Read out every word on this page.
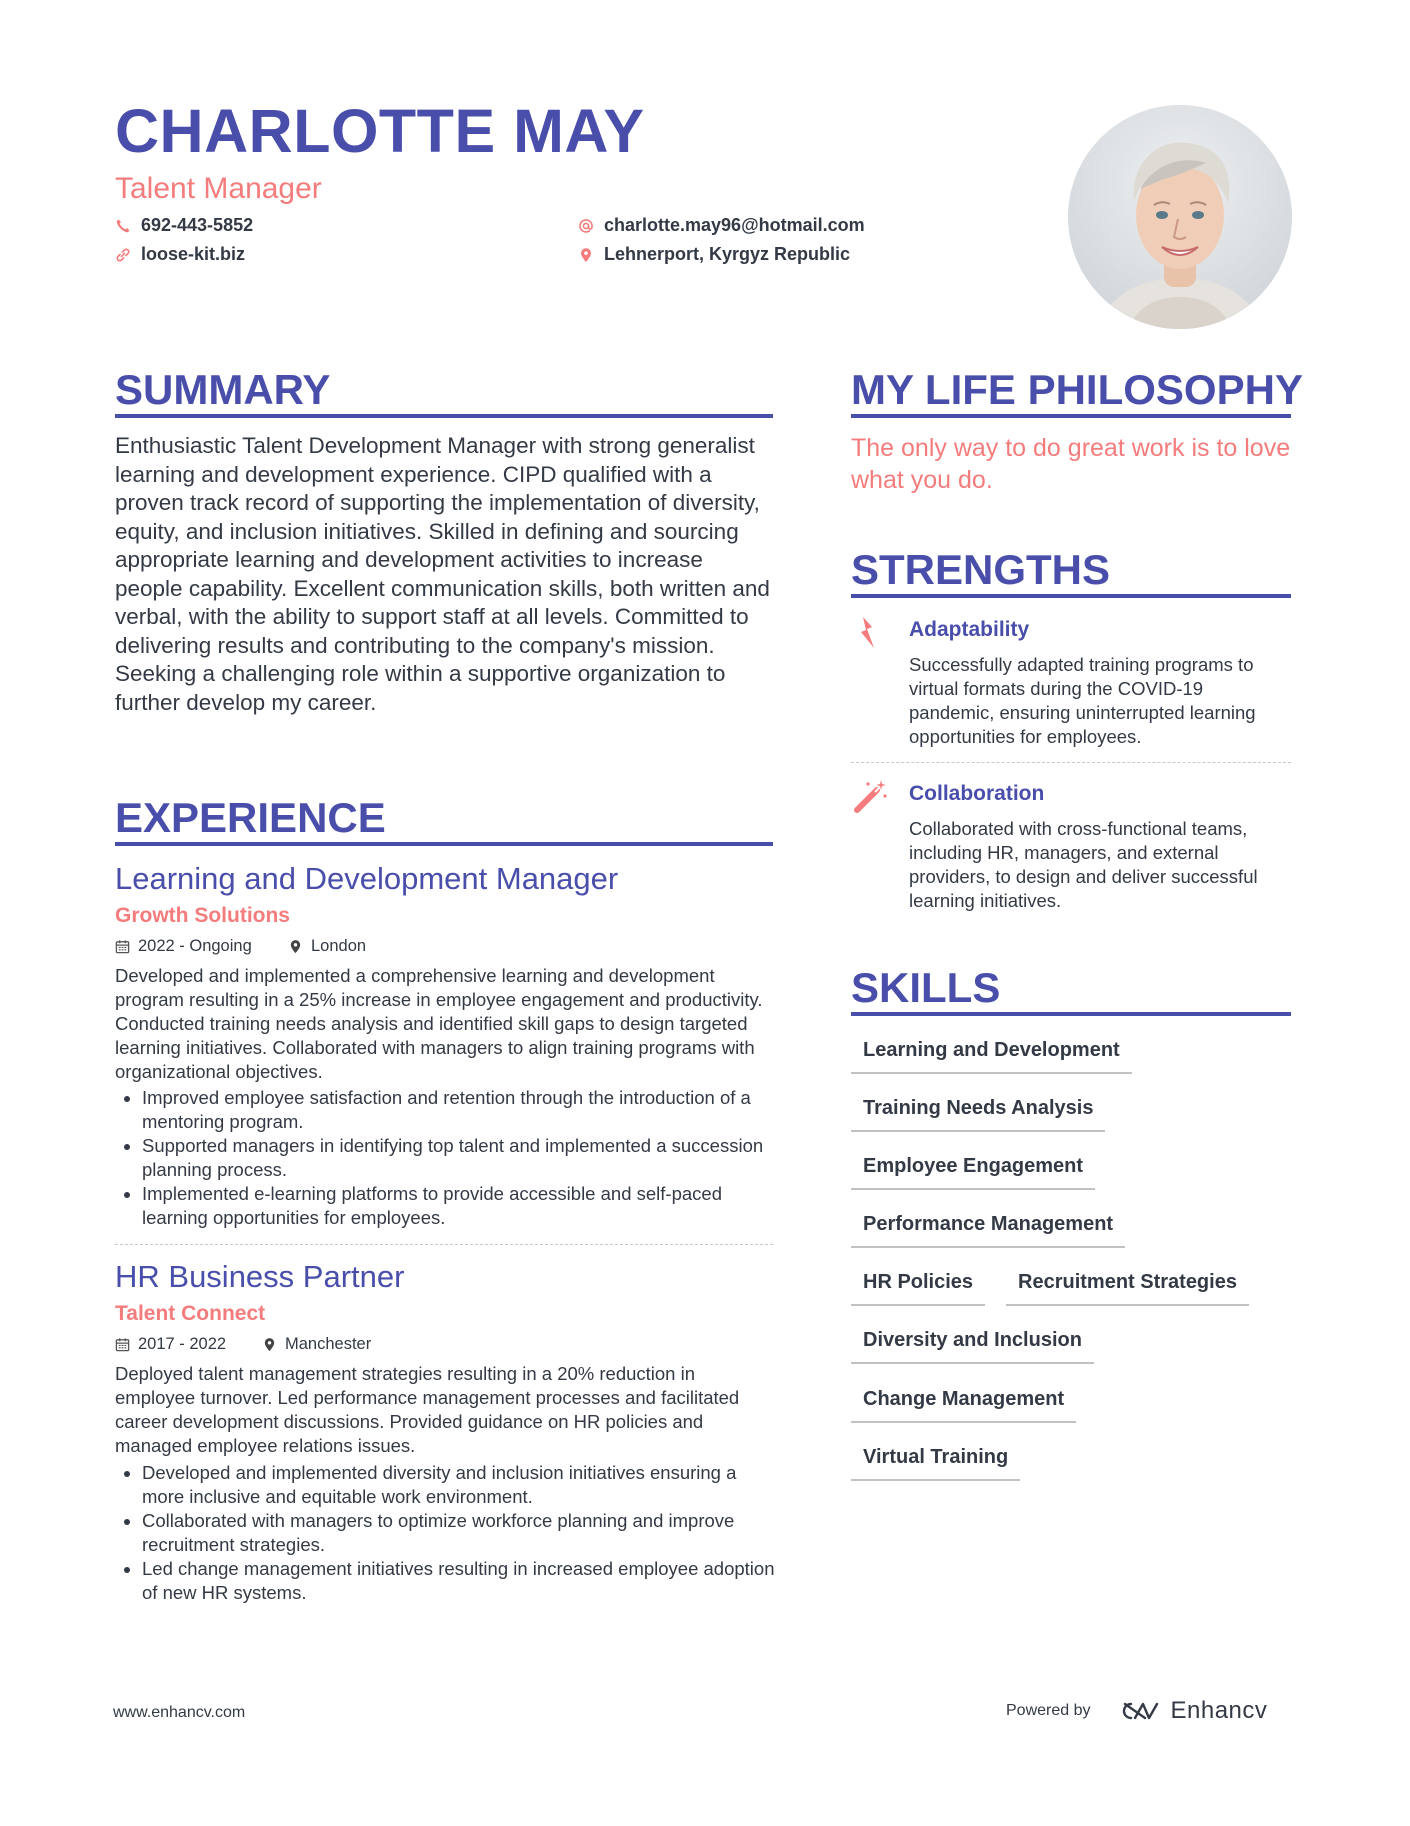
CHARLOTTE MAY
Talent Manager
692-443-5852
loose-kit.biz
charlotte.may96@hotmail.com
Lehnerport, Kyrgyz Republic
SUMMARY
Enthusiastic Talent Development Manager with strong generalist learning and development experience. CIPD qualified with a proven track record of supporting the implementation of diversity, equity, and inclusion initiatives. Skilled in defining and sourcing appropriate learning and development activities to increase people capability. Excellent communication skills, both written and verbal, with the ability to support staff at all levels. Committed to delivering results and contributing to the company's mission. Seeking a challenging role within a supportive organization to further develop my career.
EXPERIENCE
Learning and Development Manager
Growth Solutions
2022 - Ongoing	London
Developed and implemented a comprehensive learning and development program resulting in a 25% increase in employee engagement and productivity. Conducted training needs analysis and identified skill gaps to design targeted learning initiatives. Collaborated with managers to align training programs with organizational objectives.
• Improved employee satisfaction and retention through the introduction of a mentoring program.
• Supported managers in identifying top talent and implemented a succession planning process.
• Implemented e-learning platforms to provide accessible and self-paced learning opportunities for employees.
HR Business Partner
Talent Connect
2017 - 2022	Manchester
Deployed talent management strategies resulting in a 20% reduction in employee turnover. Led performance management processes and facilitated career development discussions. Provided guidance on HR policies and managed employee relations issues.
• Developed and implemented diversity and inclusion initiatives ensuring a more inclusive and equitable work environment.
• Collaborated with managers to optimize workforce planning and improve recruitment strategies.
• Led change management initiatives resulting in increased employee adoption of new HR systems.
MY LIFE PHILOSOPHY
The only way to do great work is to love what you do.
STRENGTHS
Adaptability
Successfully adapted training programs to virtual formats during the COVID-19 pandemic, ensuring uninterrupted learning opportunities for employees.
Collaboration
Collaborated with cross-functional teams, including HR, managers, and external providers, to design and deliver successful learning initiatives.
SKILLS
Learning and Development
Training Needs Analysis
Employee Engagement
Performance Management
HR Policies	Recruitment Strategies
Diversity and Inclusion
Change Management
Virtual Training
www.enhancv.com	Powered by	Enhancv
